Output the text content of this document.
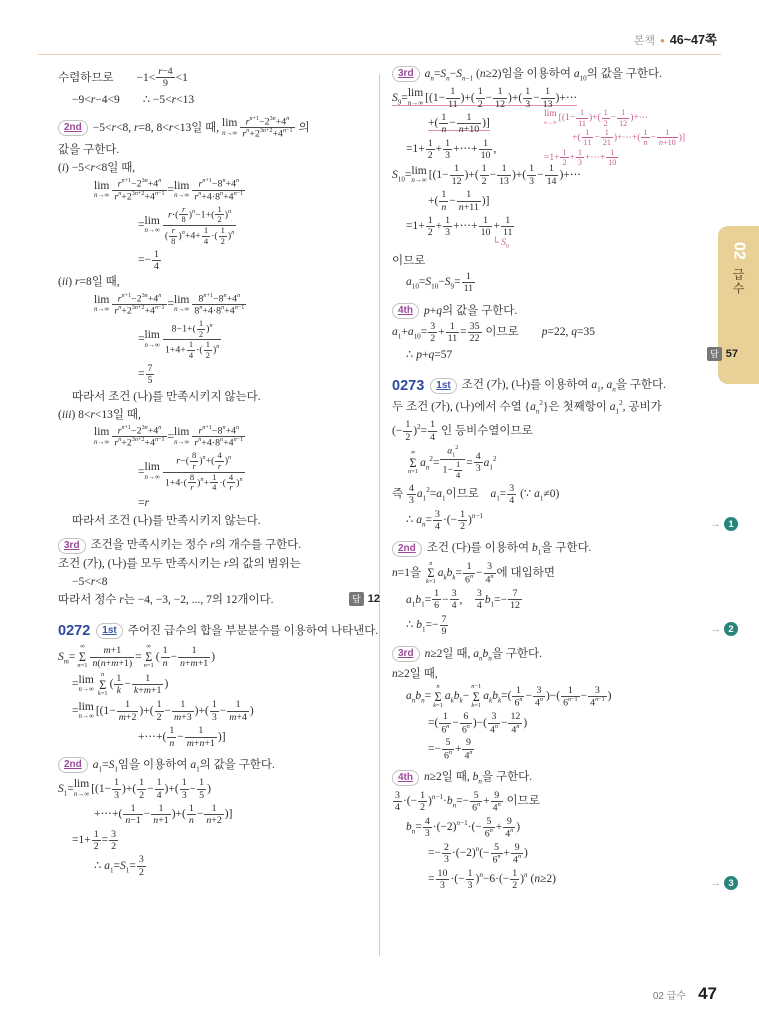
본책 ● 46~47쪽
02
급수
수렴하므로  $-1< \frac{r-4}{9} <1$
−9<r−4<9  ∴ −5<r<13
2nd −5<r<8, r=8, 8<r<13일 때, lim
$n\to\infty \frac{r^{n+1}-2^{3n}+4^n}{r^n+2^{3n+2}+4^{n-1}}$ 의
값을 구한다.
(i) −5<r<8일 때,
lim
$n\to\infty \frac{r^{n+1}-2^{3n}+4^n}{r^n+2^{3n+2}+4^{n-1}} = \lim$
$n\to\infty \frac{r^{n+1}-8^n+4^n}{r^n+4\cdot 8^n+4^{n-1}}$
= lim
$n\to\infty \frac{r\cdot( \frac{r}{8} )^n-1+( \frac{1}{2} )^n}{( \frac{r}{8} )^n+4+ \frac{1}{4} \cdot( \frac{1}{2} )^n}$
=− $\frac{1}{4}$
(ii) r=8일 때,
lim
$n\to\infty \frac{r^{n+1}-2^{3n}+4^n}{r^n+2^{3n+2}+4^{n-1}} = \lim$
$n\to\infty \frac{8^{n+1}-8^n+4^n}{8^n+4\cdot 8^n+4^{n-1}}$
= lim
$n\to\infty \frac{8-1+( \frac{1}{2} )^n}{1+4+ \frac{1}{4} \cdot( \frac{1}{2} )^n}$
= $\frac{7}{5}$
따라서 조건 (나)를 만족시키지 않는다.
(iii) 8<r<13일 때,
lim
$n\to\infty \frac{r^{n+1}-2^{3n}+4^n}{r^n+2^{3n+2}+4^{n-1}} = \lim$
$n\to\infty \frac{r^{n+1}-8^n+4^n}{r^n+4\cdot 8^n+4^{n-1}}$
= lim
$n\to\infty \frac{r-( \frac{8}{r} )^n+( \frac{4}{r} )^n}{1+4\cdot( \frac{8}{r} )^n+ \frac{1}{4} \cdot( \frac{4}{r} )^n}$
=r
따라서 조건 (나)를 만족시키지 않는다.
3rd 조건을 만족시키는 정수 r의 개수를 구한다.
조건 (가), (나)를 모두 만족시키는 r의 값의 범위는
−5<r<8
따라서 정수 r는 −4, −3, −2, ..., 7의 12개이다.	답 12
0272 1st 주어진 급수의 합을 부분분수를 이용하여 나타낸다.
$S_m=$
∞
Σ
$n=1 \frac{m+1}{n(n+m+1)}$ =
∞
Σ
n=1
( $\frac{1}{n} - \frac{1}{n+m+1}$ )
= lim
n→∞
n
Σ
k=1
( $\frac{1}{k} - \frac{1}{k+m+1}$ )
= lim
n→∞ [($1- \frac{1}{m+2}$ )+( $\frac{1}{2} - \frac{1}{m+3}$ )+( $\frac{1}{3} - \frac{1}{m+4}$ )
+⋯+( $\frac{1}{n} - \frac{1}{m+n+1}$ )]
2nd $a_1=S_1$임을 이용하여 $a_1$의 값을 구한다.
$S_1= \lim$
n→∞ [($1- \frac{1}{3}$ )+( $\frac{1}{2} - \frac{1}{4}$ )+( $\frac{1}{3} - \frac{1}{5}$ )
+⋯+( $\frac{1}{n-1} - \frac{1}{n+1}$ )+( $\frac{1}{n} - \frac{1}{n+2}$ )]
$=1+ \frac{1}{2} = \frac{3}{2}$
∴ $a_1=S_1= \frac{3}{2}$
3rd $a_n=S_n-S_{n-1}$ (n≥2)임을 이용하여 $a_{10}$의 값을 구한다.
$S_9= \lim$
n→∞ [($1- \frac{1}{11}$ )+( $\frac{1}{2} - \frac{1}{12}$ )+( $\frac{1}{3} - \frac{1}{13}$ )+⋯
lim
n→∞ [($1- \frac{1}{11}$ )+( $\frac{1}{2} - \frac{1}{12}$ )+⋯
+( $\frac{1}{11} - \frac{1}{21}$ )+⋯+( $\frac{1}{n} - \frac{1}{n+10}$ )]
$=1+ \frac{1}{2} + \frac{1}{3}$ +⋯+ $\frac{1}{10}$
+( $\frac{1}{n} - \frac{1}{n+10}$ )]
$=1+ \frac{1}{2} + \frac{1}{3}$ +⋯+ $\frac{1}{10}$ ,
$S_{10}= \lim$
n→∞ [($1- \frac{1}{12}$ )+( $\frac{1}{2} - \frac{1}{13}$ )+( $\frac{1}{3} - \frac{1}{14}$ )+⋯
+( $\frac{1}{n} - \frac{1}{n+11}$ )]
$=1+ \frac{1}{2} + \frac{1}{3}$ +⋯+ $\frac{1}{10} + \frac{1}{11}$
└ $S_9$
이므로
$a_{10}=S_{10}-S_9= \frac{1}{11}$
4th p+q의 값을 구한다.
$a_1+a_{10}= \frac{3}{2} + \frac{1}{11} = \frac{35}{22}$ 이므로  p=22, q=35
∴ p+q=57	답 57
0273 1st 조건 (가), (나)를 이용하여 $a_1$, $a_n$을 구한다.
두 조건 (가), (나)에서 수열 $\{a_n^2\}$은 첫째항이 $a_1^2$, 공비가
(− $\frac{1}{2} )^2= \frac{1}{4}$ 인 등비수열이므로
∞
Σ
n=1
$a_n^2= \frac{a_1^2}{1- \frac{1}{4}} = \frac{4}{3} a_1^2$
즉 $\frac{4}{3} a_1^2=a_1$이므로 $a_1= \frac{3}{4}$ (∵ $a_1\ne 0$)
∴ $a_n= \frac{3}{4}$ ·(− $\frac{1}{2} )^{n-1}$
→ 1
2nd 조건 (다)를 이용하여 $b_1$을 구한다.
n=1을
n
Σ
k=1
$a_kb_k= \frac{1}{6^n} - \frac{3}{4^n}$ 에 대입하면
$a_1b_1= \frac{1}{6} - \frac{3}{4}$ ,  $\frac{3}{4} b_1=- \frac{7}{12}$
∴ $b_1=- \frac{7}{9}$	→ 2
3rd n≥2일 때, $a_nb_n$을 구한다.
n≥2일 때,
$a_nb_n=$
n
Σ
k=1
$a_kb_k-$
n−1
Σ
k=1
$a_kb_k=( \frac{1}{6^n} - \frac{3}{4^n}$ )−( $\frac{1}{6^{n-1}} - \frac{3}{4^{n-1}}$ )
=( $\frac{1}{6^n} - \frac{6}{6^n}$ )−( $\frac{3}{4^n} - \frac{12}{4^n}$ )
=− $\frac{5}{6^n} + \frac{9}{4^n}$
4th n≥2일 때, $b_n$을 구한다.
$\frac{3}{4}$ ·(− $\frac{1}{2} )^{n-1}\cdot b_n=- \frac{5}{6^n} + \frac{9}{4^n}$ 이므로
$b_n= \frac{4}{3} \cdot(-2)^{n-1}\cdot(- \frac{5}{6^n} + \frac{9}{4^n}$ )
=− $\frac{2}{3} \cdot(-2)^n(- \frac{5}{6^n} + \frac{9}{4^n}$ )
= $\frac{10}{3}$ ·(− $\frac{1}{3} )^n-6\cdot(- \frac{1}{2} )^n$ (n≥2)	→ 3
02 급수 47
